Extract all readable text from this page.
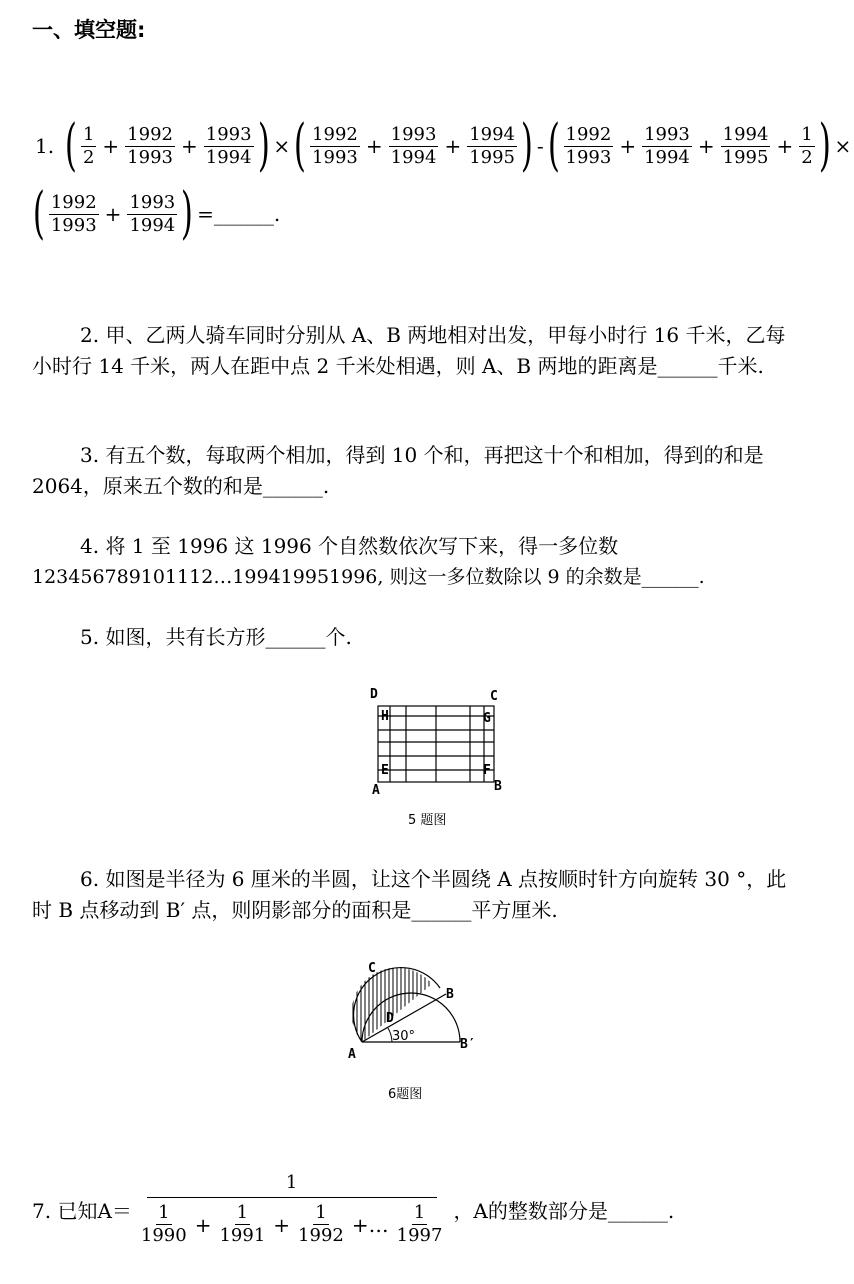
一、填空题:
1. ( $\frac{1}{2} + \frac{1992}{1993} + \frac{1993}{1994}$ ) × ( $\frac{1992}{1993} + \frac{1993}{1994} + \frac{1994}{1995}$ ) - ( $\frac{1992}{1993} + \frac{1993}{1994} + \frac{1994}{1995} + \frac{1}{2}$ ) ×
( $\frac{1992}{1993} + \frac{1993}{1994}$ ) =______.
2. 甲、乙两人骑车同时分别从 A、B 两地相对出发，甲每小时行 16 千米，乙每小时行 14 千米，两人在距中点 2 千米处相遇，则 A、B 两地的距离是______千米.
3. 有五个数，每取两个相加，得到 10 个和，再把这十个和相加，得到的和是 2064，原来五个数的和是______.
4. 将 1 至 1996 这 1996 个自然数依次写下来，得一多位数
123456789101112…199419951996, 则这一多位数除以 9 的余数是______.
5. 如图，共有长方形______个.
D	C
H	G
E	F
A	B
5 题图
6. 如图是半径为 6 厘米的半圆，让这个半圆绕 A 点按顺时针方向旋转 30 °，此时 B 点移动到 B′ 点，则阴影部分的面积是______平方厘米.
C
B
D
30°
A
B′
6题图
7. 已知A＝
1
$\frac{1}{1990} + \frac{1}{1991} + \frac{1}{1992}$ +… $\frac{1}{1997}$ ，A的整数部分是______.
